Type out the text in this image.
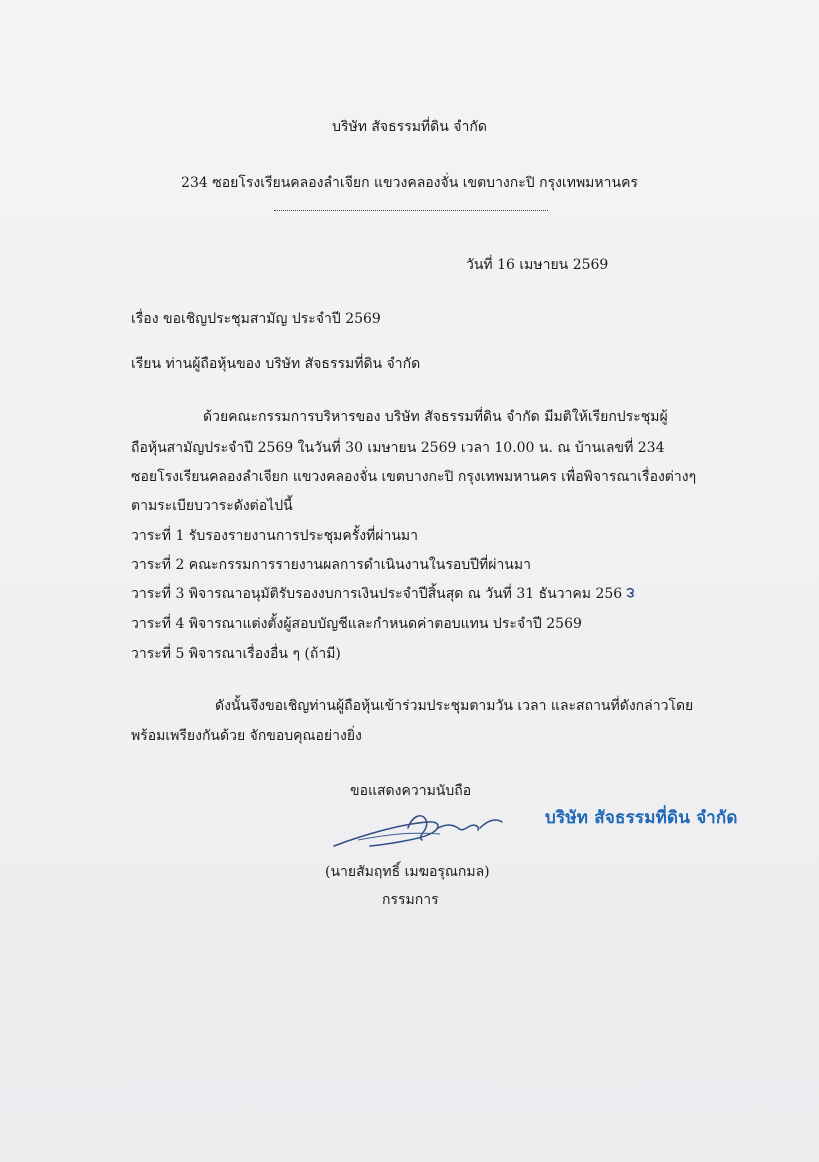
บริษัท สัจธรรมที่ดิน จำกัด
234 ซอยโรงเรียนคลองลำเจียก แขวงคลองจั่น เขตบางกะปิ กรุงเทพมหานคร
วันที่ 16 เมษายน 2569
เรื่อง ขอเชิญประชุมสามัญ ประจำปี 2569
เรียน ท่านผู้ถือหุ้นของ บริษัท สัจธรรมที่ดิน จำกัด
ด้วยคณะกรรมการบริหารของ บริษัท สัจธรรมที่ดิน จำกัด มีมติให้เรียกประชุมผู้
ถือหุ้นสามัญประจำปี 2569 ในวันที่ 30 เมษายน 2569 เวลา 10.00 น. ณ บ้านเลขที่ 234
ซอยโรงเรียนคลองลำเจียก แขวงคลองจั่น เขตบางกะปิ กรุงเทพมหานคร เพื่อพิจารณาเรื่องต่างๆ
ตามระเบียบวาระดังต่อไปนี้
วาระที่ 1 รับรองรายงานการประชุมครั้งที่ผ่านมา
วาระที่ 2 คณะกรรมการรายงานผลการดำเนินงานในรอบปีที่ผ่านมา
วาระที่ 3 พิจารณาอนุมัติรับรองงบการเงินประจำปีสิ้นสุด ณ วันที่ 31 ธันวาคม 256
วาระที่ 4 พิจารณาแต่งตั้งผู้สอบบัญชีและกำหนดค่าตอบแทน ประจำปี 2569
วาระที่ 5 พิจารณาเรื่องอื่น ๆ (ถ้ามี)
ดังนั้นจึงขอเชิญท่านผู้ถือหุ้นเข้าร่วมประชุมตามวัน เวลา และสถานที่ดังกล่าวโดย
พร้อมเพรียงกันด้วย จักขอบคุณอย่างยิ่ง
ขอแสดงความนับถือ
บริษัท สัจธรรมที่ดิน จำกัด
(นายสัมฤทธิ์ เมฆอรุณกมล)
กรรมการ
